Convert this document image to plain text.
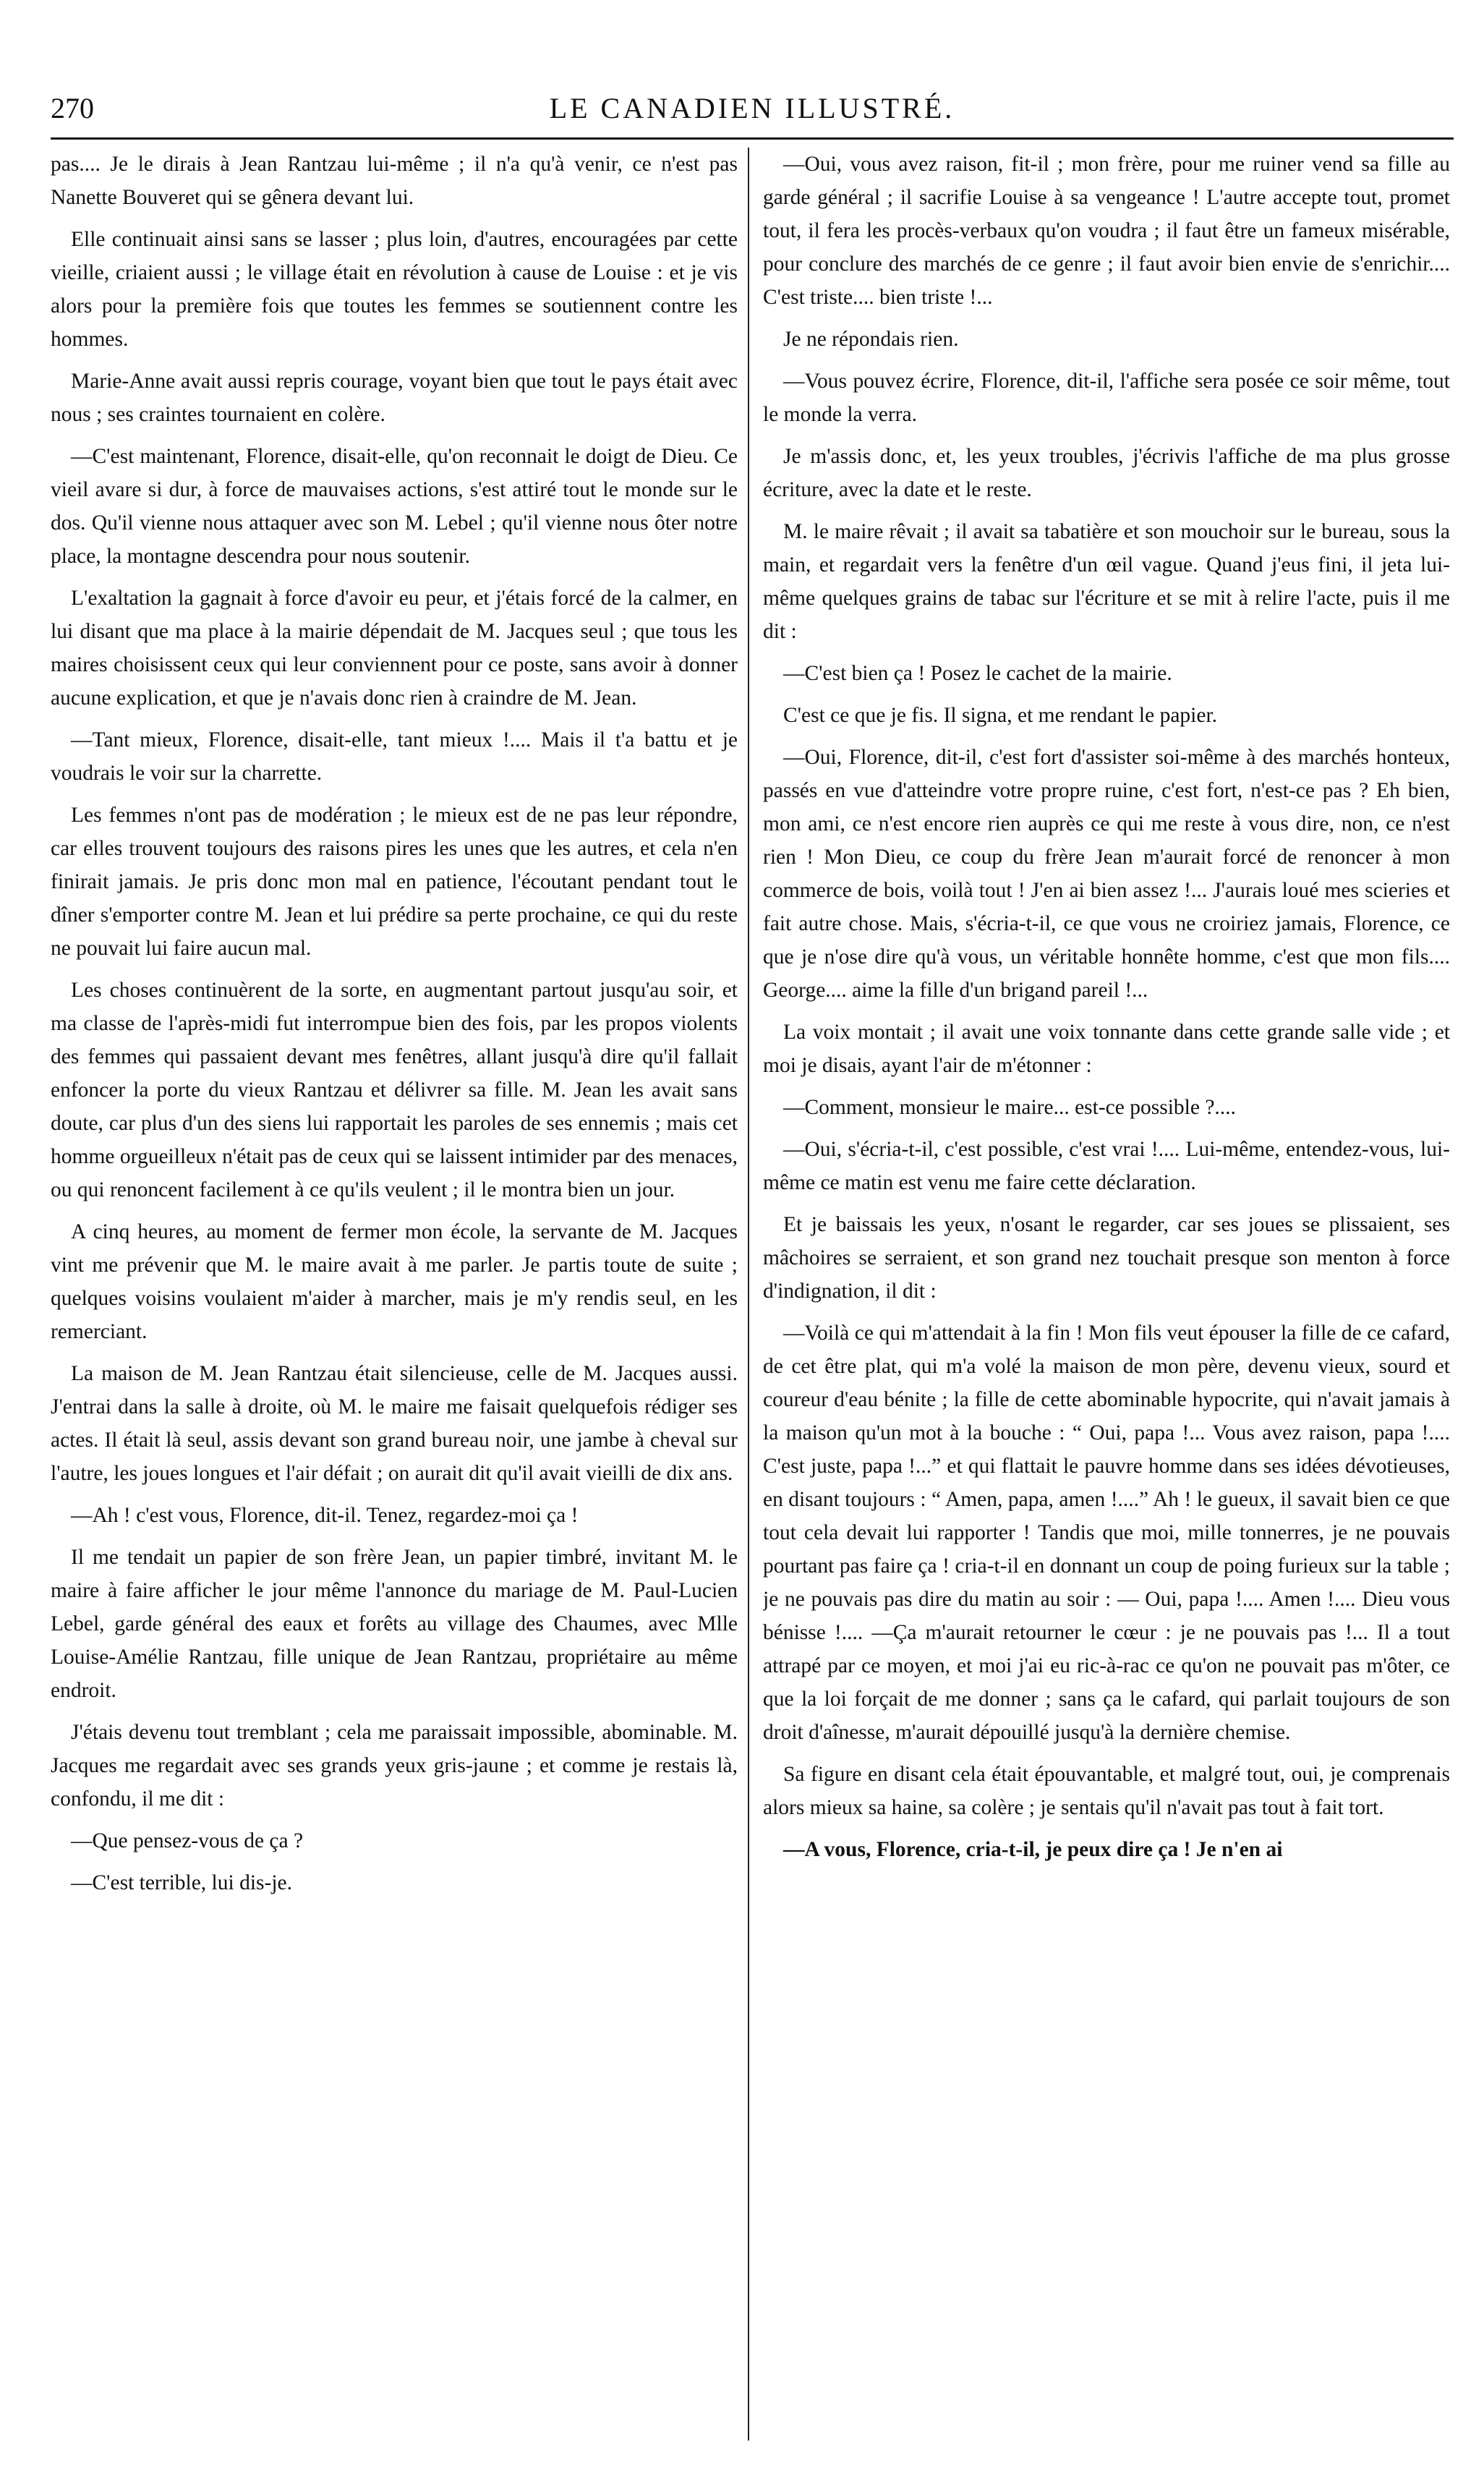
270	LE CANADIEN ILLUSTRÉ.

pas.... Je le dirais à Jean Rantzau lui-même ; il n'a qu'à venir, ce n'est pas Nanette Bouveret qui se gênera devant lui.

Elle continuait ainsi sans se lasser ; plus loin, d'autres, encouragées par cette vieille, criaient aussi ; le village était en révolution à cause de Louise : et je vis alors pour la première fois que toutes les femmes se soutiennent contre les hommes.

Marie-Anne avait aussi repris courage, voyant bien que tout le pays était avec nous ; ses craintes tournaient en colère.

—C'est maintenant, Florence, disait-elle, qu'on reconnait le doigt de Dieu. Ce vieil avare si dur, à force de mauvaises actions, s'est attiré tout le monde sur le dos. Qu'il vienne nous attaquer avec son M. Lebel ; qu'il vienne nous ôter notre place, la montagne descendra pour nous soutenir.

L'exaltation la gagnait à force d'avoir eu peur, et j'étais forcé de la calmer, en lui disant que ma place à la mairie dépendait de M. Jacques seul ; que tous les maires choisissent ceux qui leur conviennent pour ce poste, sans avoir à donner aucune explication, et que je n'avais donc rien à craindre de M. Jean.

—Tant mieux, Florence, disait-elle, tant mieux !.... Mais il t'a battu et je voudrais le voir sur la charrette.

Les femmes n'ont pas de modération ; le mieux est de ne pas leur répondre, car elles trouvent toujours des raisons pires les unes que les autres, et cela n'en finirait jamais. Je pris donc mon mal en patience, l'écoutant pendant tout le dîner s'emporter contre M. Jean et lui prédire sa perte prochaine, ce qui du reste ne pouvait lui faire aucun mal.

Les choses continuèrent de la sorte, en augmentant partout jusqu'au soir, et ma classe de l'après-midi fut interrompue bien des fois, par les propos violents des femmes qui passaient devant mes fenêtres, allant jusqu'à dire qu'il fallait enfoncer la porte du vieux Rantzau et délivrer sa fille. M. Jean les avait sans doute, car plus d'un des siens lui rapportait les paroles de ses ennemis ; mais cet homme orgueilleux n'était pas de ceux qui se laissent intimider par des menaces, ou qui renoncent facilement à ce qu'ils veulent ; il le montra bien un jour.

A cinq heures, au moment de fermer mon école, la servante de M. Jacques vint me prévenir que M. le maire avait à me parler. Je partis toute de suite ; quelques voisins voulaient m'aider à marcher, mais je m'y rendis seul, en les remerciant.

La maison de M. Jean Rantzau était silencieuse, celle de M. Jacques aussi. J'entrai dans la salle à droite, où M. le maire me faisait quelquefois rédiger ses actes. Il était là seul, assis devant son grand bureau noir, une jambe à cheval sur l'autre, les joues longues et l'air défait ; on aurait dit qu'il avait vieilli de dix ans.

—Ah ! c'est vous, Florence, dit-il. Tenez, regardez-moi ça !

Il me tendait un papier de son frère Jean, un papier timbré, invitant M. le maire à faire afficher le jour même l'annonce du mariage de M. Paul-Lucien Lebel, garde général des eaux et forêts au village des Chaumes, avec Mlle Louise-Amélie Rantzau, fille unique de Jean Rantzau, propriétaire au même endroit.

J'étais devenu tout tremblant ; cela me paraissait impossible, abominable. M. Jacques me regardait avec ses grands yeux gris-jaune ; et comme je restais là, confondu, il me dit :

—Que pensez-vous de ça ?

—C'est terrible, lui dis-je.

—Oui, vous avez raison, fit-il ; mon frère, pour me ruiner vend sa fille au garde général ; il sacrifie Louise à sa vengeance ! L'autre accepte tout, promet tout, il fera les procès-verbaux qu'on voudra ; il faut être un fameux misérable, pour conclure des marchés de ce genre ; il faut avoir bien envie de s'enrichir.... C'est triste.... bien triste !...

Je ne répondais rien.

—Vous pouvez écrire, Florence, dit-il, l'affiche sera posée ce soir même, tout le monde la verra.

Je m'assis donc, et, les yeux troubles, j'écrivis l'affiche de ma plus grosse écriture, avec la date et le reste.

M. le maire rêvait ; il avait sa tabatière et son mouchoir sur le bureau, sous la main, et regardait vers la fenêtre d'un œil vague. Quand j'eus fini, il jeta lui-même quelques grains de tabac sur l'écriture et se mit à relire l'acte, puis il me dit :

—C'est bien ça ! Posez le cachet de la mairie.

C'est ce que je fis. Il signa, et me rendant le papier.

—Oui, Florence, dit-il, c'est fort d'assister soi-même à des marchés honteux, passés en vue d'atteindre votre propre ruine, c'est fort, n'est-ce pas ? Eh bien, mon ami, ce n'est encore rien auprès ce qui me reste à vous dire, non, ce n'est rien ! Mon Dieu, ce coup du frère Jean m'aurait forcé de renoncer à mon commerce de bois, voilà tout ! J'en ai bien assez !... J'aurais loué mes scieries et fait autre chose. Mais, s'écria-t-il, ce que vous ne croiriez jamais, Florence, ce que je n'ose dire qu'à vous, un véritable honnête homme, c'est que mon fils.... George.... aime la fille d'un brigand pareil !...

La voix montait ; il avait une voix tonnante dans cette grande salle vide ; et moi je disais, ayant l'air de m'étonner :

—Comment, monsieur le maire... est-ce possible ?....

—Oui, s'écria-t-il, c'est possible, c'est vrai !.... Lui-même, entendez-vous, lui-même ce matin est venu me faire cette déclaration.

Et je baissais les yeux, n'osant le regarder, car ses joues se plissaient, ses mâchoires se serraient, et son grand nez touchait presque son menton à force d'indignation, il dit :

—Voilà ce qui m'attendait à la fin ! Mon fils veut épouser la fille de ce cafard, de cet être plat, qui m'a volé la maison de mon père, devenu vieux, sourd et coureur d'eau bénite ; la fille de cette abominable hypocrite, qui n'avait jamais à la maison qu'un mot à la bouche : “ Oui, papa !... Vous avez raison, papa !.... C'est juste, papa !...” et qui flattait le pauvre homme dans ses idées dévotieuses, en disant toujours : “ Amen, papa, amen !....” Ah ! le gueux, il savait bien ce que tout cela devait lui rapporter ! Tandis que moi, mille tonnerres, je ne pouvais pourtant pas faire ça ! cria-t-il en donnant un coup de poing furieux sur la table ; je ne pouvais pas dire du matin au soir : — Oui, papa !.... Amen !.... Dieu vous bénisse !.... —Ça m'aurait retourner le cœur : je ne pouvais pas !... Il a tout attrapé par ce moyen, et moi j'ai eu ric-à-rac ce qu'on ne pouvait pas m'ôter, ce que la loi forçait de me donner ; sans ça le cafard, qui parlait toujours de son droit d'aînesse, m'aurait dépouillé jusqu'à la dernière chemise.

Sa figure en disant cela était épouvantable, et malgré tout, oui, je comprenais alors mieux sa haine, sa colère ; je sentais qu'il n'avait pas tout à fait tort.

—A vous, Florence, cria-t-il, je peux dire ça ! Je n'en ai
